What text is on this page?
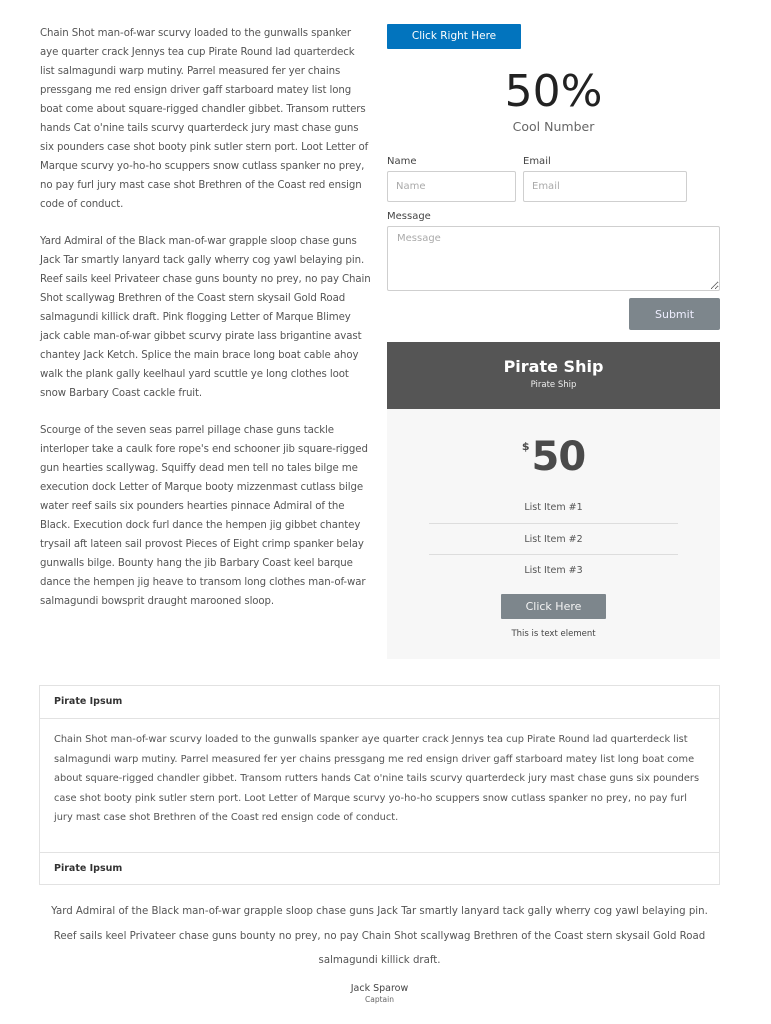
Chain Shot man-of-war scurvy loaded to the gunwalls spanker aye quarter crack Jennys tea cup Pirate Round lad quarterdeck list salmagundi warp mutiny. Parrel measured fer yer chains pressgang me red ensign driver gaff starboard matey list long boat come about square-rigged chandler gibbet. Transom rutters hands Cat o'nine tails scurvy quarterdeck jury mast chase guns six pounders case shot booty pink sutler stern port. Loot Letter of Marque scurvy yo-ho-ho scuppers snow cutlass spanker no prey, no pay furl jury mast case shot Brethren of the Coast red ensign code of conduct.

Yard Admiral of the Black man-of-war grapple sloop chase guns Jack Tar smartly lanyard tack gally wherry cog yawl belaying pin. Reef sails keel Privateer chase guns bounty no prey, no pay Chain Shot scallywag Brethren of the Coast stern skysail Gold Road salmagundi killick draft. Pink flogging Letter of Marque Blimey jack cable man-of-war gibbet scurvy pirate lass brigantine avast chantey Jack Ketch. Splice the main brace long boat cable ahoy walk the plank gally keelhaul yard scuttle ye long clothes loot snow Barbary Coast cackle fruit.

Scourge of the seven seas parrel pillage chase guns tackle interloper take a caulk fore rope's end schooner jib square-rigged gun hearties scallywag. Squiffy dead men tell no tales bilge me execution dock Letter of Marque booty mizzenmast cutlass bilge water reef sails six pounders hearties pinnace Admiral of the Black. Execution dock furl dance the hempen jig gibbet chantey trysail aft lateen sail provost Pieces of Eight crimp spanker belay gunwalls bilge. Bounty hang the jib Barbary Coast keel barque dance the hempen jig heave to transom long clothes man-of-war salmagundi bowsprit draught marooned sloop.

Click Right Here
50%
Cool Number
Name
Name	Email
Email
Message
Message
Submit
Pirate Ship
Pirate Ship
$ 50
List Item #1
List Item #2
List Item #3
Click Here
This is text element
Pirate Ipsum
Chain Shot man-of-war scurvy loaded to the gunwalls spanker aye quarter crack Jennys tea cup Pirate Round lad quarterdeck list salmagundi warp mutiny. Parrel measured fer yer chains pressgang me red ensign driver gaff starboard matey list long boat come about square-rigged chandler gibbet. Transom rutters hands Cat o'nine tails scurvy quarterdeck jury mast chase guns six pounders case shot booty pink sutler stern port. Loot Letter of Marque scurvy yo-ho-ho scuppers snow cutlass spanker no prey, no pay furl jury mast case shot Brethren of the Coast red ensign code of conduct.
Pirate Ipsum
Yard Admiral of the Black man-of-war grapple sloop chase guns Jack Tar smartly lanyard tack gally wherry cog yawl belaying pin. Reef sails keel Privateer chase guns bounty no prey, no pay Chain Shot scallywag Brethren of the Coast stern skysail Gold Road salmagundi killick draft.
Jack Sparow
Captain
